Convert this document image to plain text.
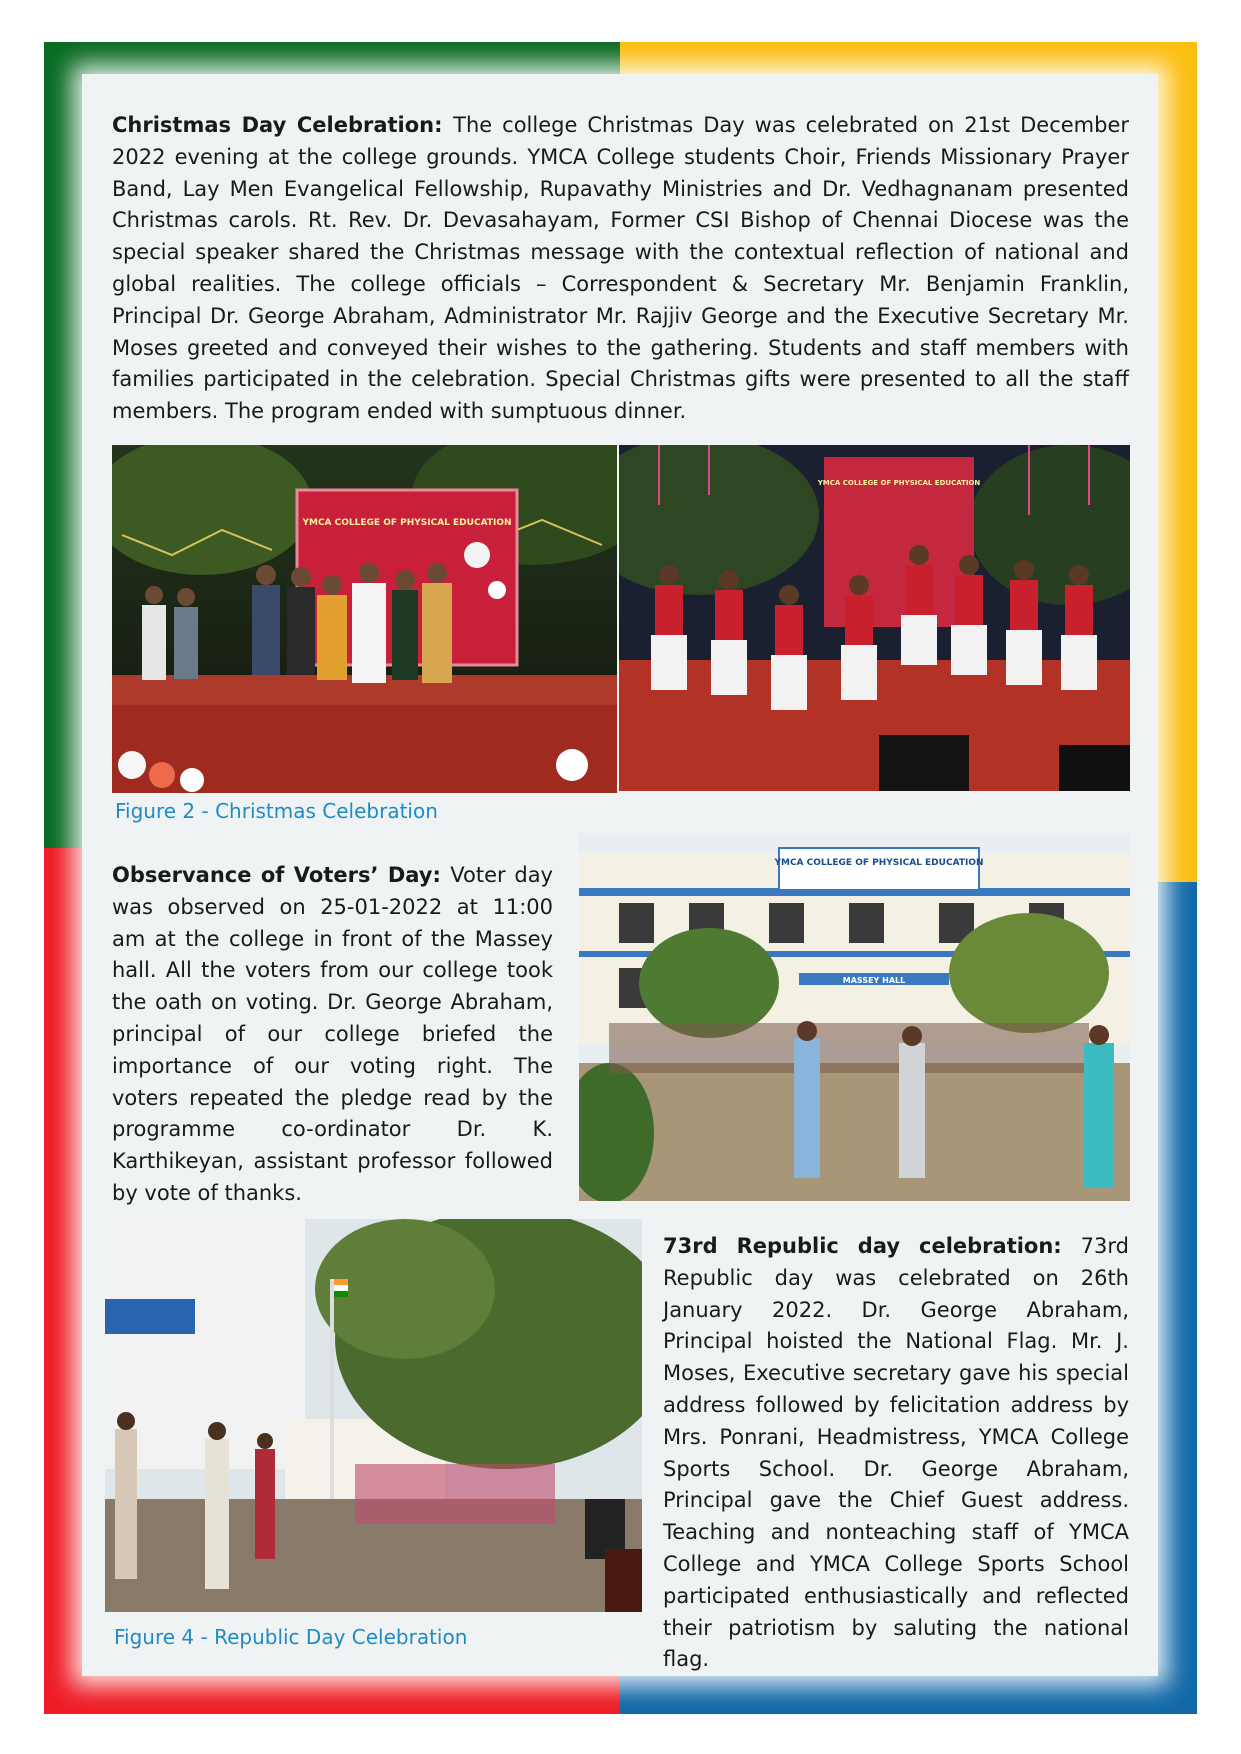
Christmas Day Celebration: The college Christmas Day was celebrated on 21st December 2022 evening at the college grounds. YMCA College students Choir, Friends Missionary Prayer Band, Lay Men Evangelical Fellowship, Rupavathy Ministries and Dr. Vedhagnanam presented Christmas carols. Rt. Rev. Dr. Devasahayam, Former CSI Bishop of Chennai Diocese was the special speaker shared the Christmas message with the contextual reflection of national and global realities. The college officials – Correspondent & Secretary Mr. Benjamin Franklin, Principal Dr. George Abraham, Administrator Mr. Rajjiv George and the Executive Secretary Mr. Moses greeted and conveyed their wishes to the gathering. Students and staff members with families participated in the celebration. Special Christmas gifts were presented to all the staff members. The program ended with sumptuous dinner.

YMCA COLLEGE OF PHYSICAL EDUCATION
YMCA COLLEGE OF PHYSICAL EDUCATION

Figure 2 - Christmas Celebration

Observance of Voters’ Day: Voter day was observed on 25-01-2022 at 11:00 am at the college in front of the Massey hall. All the voters from our college took the oath on voting. Dr. George Abraham, principal of our college briefed the importance of our voting right. The voters repeated the pledge read by the programme co-ordinator Dr. K. Karthikeyan, assistant professor followed by vote of thanks.

YMCA COLLEGE OF PHYSICAL EDUCATION
MASSEY HALL

Figure 4 - Republic Day Celebration

73rd Republic day celebration: 73rd Republic day was celebrated on 26th January 2022. Dr. George Abraham, Principal hoisted the National Flag. Mr. J. Moses, Executive secretary gave his special address followed by felicitation address by Mrs. Ponrani, Headmistress, YMCA College Sports School. Dr. George Abraham, Principal gave the Chief Guest address. Teaching and nonteaching staff of YMCA College and YMCA College Sports School participated enthusiastically and reflected their patriotism by saluting the national flag.
